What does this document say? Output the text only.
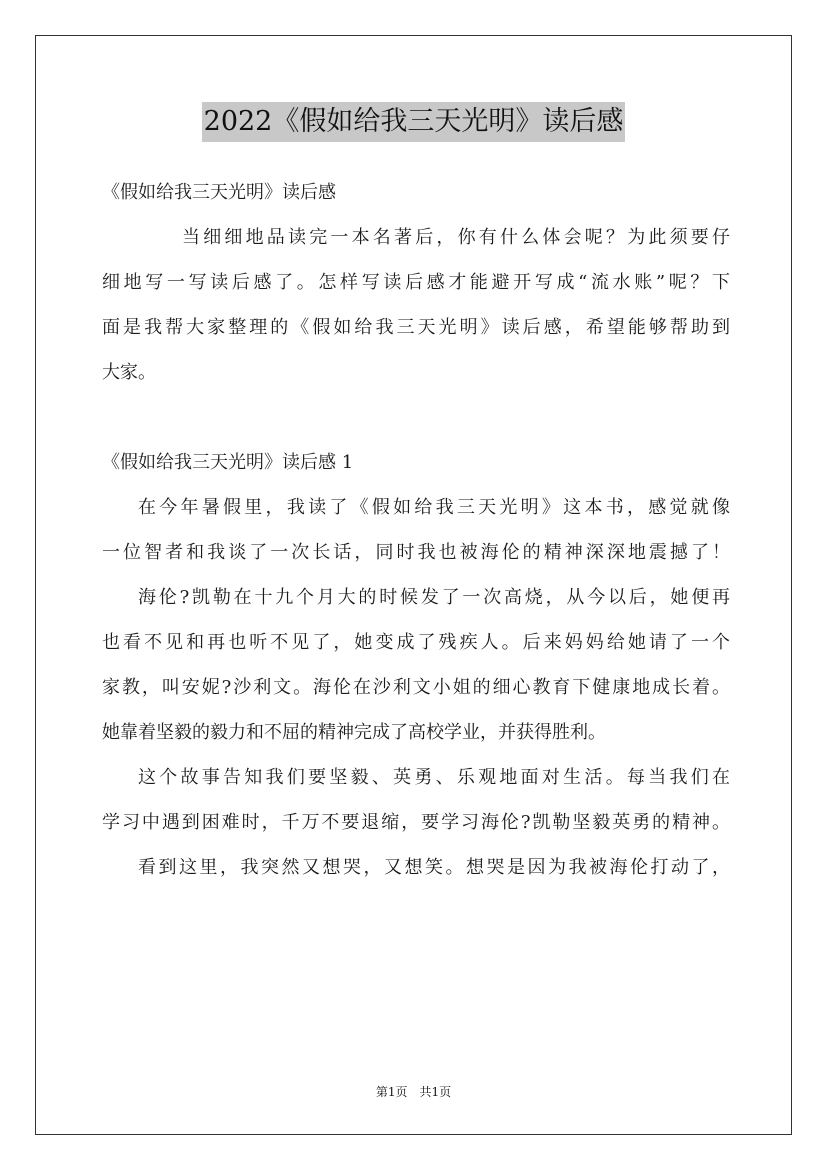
2022《假如给我三天光明》读后感

《假如给我三天光明》读后感

当细细地品读完一本名著后，你有什么体会呢？为此须要仔

细地写一写读后感了。怎样写读后感才能避开写成“流水账”呢？下

面是我帮大家整理的《假如给我三天光明》读后感，希望能够帮助到

大家。

《假如给我三天光明》读后感 1

在今年暑假里，我读了《假如给我三天光明》这本书，感觉就像

一位智者和我谈了一次长话，同时我也被海伦的精神深深地震撼了！

海伦?凯勒在十九个月大的时候发了一次高烧，从今以后，她便再

也看不见和再也听不见了，她变成了残疾人。后来妈妈给她请了一个

家教，叫安妮?沙利文。海伦在沙利文小姐的细心教育下健康地成长着。

她靠着坚毅的毅力和不屈的精神完成了高校学业，并获得胜利。

这个故事告知我们要坚毅、英勇、乐观地面对生活。每当我们在

学习中遇到困难时，千万不要退缩，要学习海伦?凯勒坚毅英勇的精神。

看到这里，我突然又想哭，又想笑。想哭是因为我被海伦打动了，

第1页　共1页
